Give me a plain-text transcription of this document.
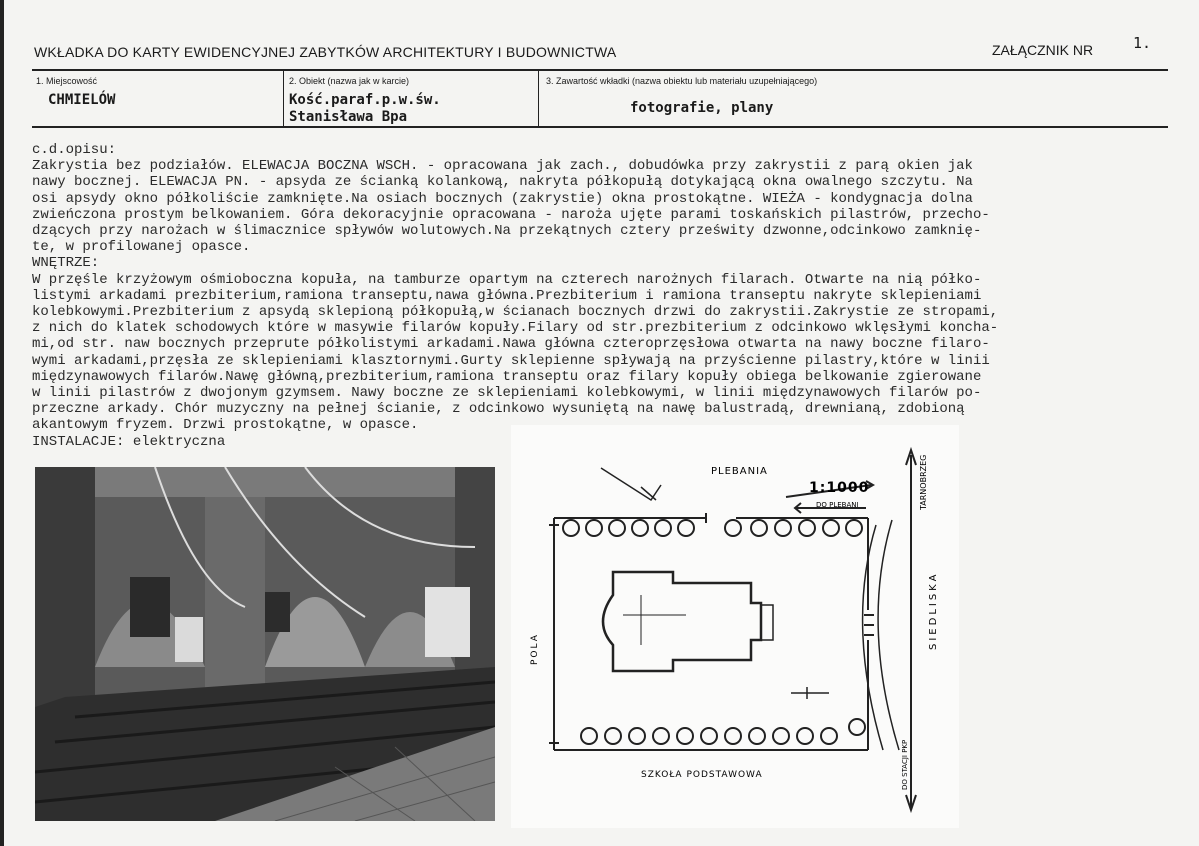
WKŁADKA DO KARTY EWIDENCYJNEJ ZABYTKÓW ARCHITEKTURY I BUDOWNICTWA	ZAŁĄCZNIK NR	1.
1. Miejscowość
CHMIELÓW
2. Obiekt (nazwa jak w karcie)
Kość.paraf.p.w.św.
Stanisława Bpa
3. Zawartość wkładki (nazwa obiektu lub materiału uzupełniającego)
fotografie, plany
c.d.opisu:
Zakrystia bez podziałów. ELEWACJA BOCZNA WSCH. - opracowana jak zach., dobudówka przy zakrystii z parą okien jak
nawy bocznej. ELEWACJA PN. - apsyda ze ścianką kolankową, nakryta półkopułą dotykającą okna owalnego szczytu. Na
osi apsydy okno półkoliście zamknięte.Na osiach bocznych (zakrystie) okna prostokątne. WIEŻA - kondygnacja dolna
zwieńczona prostym belkowaniem. Góra dekoracyjnie opracowana - naroża ujęte parami toskańskich pilastrów, przecho-
dzących przy narożach w ślimacznice spływów wolutowych.Na przekątnych cztery prześwity dzwonne,odcinkowo zamknię-
te, w profilowanej opasce.
WNĘTRZE:
W przęśle krzyżowym ośmioboczna kopuła, na tamburze opartym na czterech narożnych filarach. Otwarte na nią półko-
listymi arkadami prezbiterium,ramiona transeptu,nawa główna.Prezbiterium i ramiona transeptu nakryte sklepieniami
kolebkowymi.Prezbiterium z apsydą sklepioną półkopułą,w ścianach bocznych drzwi do zakrystii.Zakrystie ze stropami,
z nich do klatek schodowych które w masywie filarów kopuły.Filary od str.prezbiterium z odcinkowo wklęsłymi koncha-
mi,od str. naw bocznych przeprute półkolistymi arkadami.Nawa główna czteroprzęsłowa otwarta na nawy boczne filaro-
wymi arkadami,przęsła ze sklepieniami klasztornymi.Gurty sklepienne spływają na przyścienne pilastry,które w linii
międzynawowych filarów.Nawę główną,prezbiterium,ramiona transeptu oraz filary kopuły obiega belkowanie zgierowane
w linii pilastrów z dwojonym gzymsem. Nawy boczne ze sklepieniami kolebkowymi, w linii międzynawowych filarów po-
przeczne arkady. Chór muzyczny na pełnej ścianie, z odcinkowo wysuniętą na nawę balustradą, drewnianą, zdobioną
akantowym fryzem. Drzwi prostokątne, w opasce.
INSTALACJE: elektryczna
PLEBANIA
1:1000
DO PLEBANI	TARNOBRZEG
SIEDLISKA
POLA
SZKOŁA PODSTAWOWA	DO STACJI PKP
